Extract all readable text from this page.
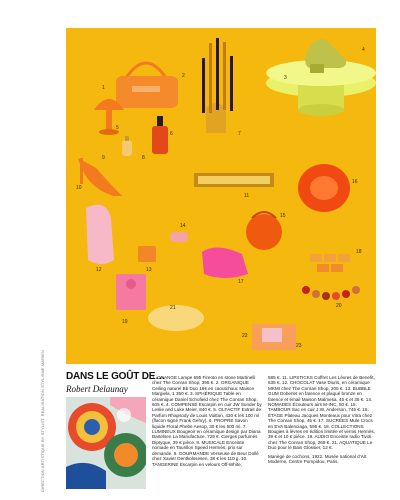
DIRECTION ARTISTIQUE BY STYLIST: REALISATION STYLISME MARIEN
1
2	3
4
5
6	7
8
9
10
11
12	13
14
15
16
17
18
19
20
21
22
23
DANS LE GOÛT DE…
Robert Delaunay

1. ORANGE Lampe 695 Fireoto en stone Martinelli chez The Conran Shop, 395 €. 2. ORGANIQUE Ceiling naturel Bb Duo 16€ en caoutchouc Maison Margiela, 1 350 €. 3. SPHÉRIQUE Table en céramique Daniel Schofield chez The Conran Shop, 605 €. 4. COMPENSÉ Escarpin en cuir JW Sunder by Leslie and Luke Meier, 840 €. 5. OLFACTIF Extrait de Parfum Rhapsody de Louis Vuitton, 430 € les 100 ml (flacon signé Frank Gehry). 6. PROPRE Savon liquide Floral Phebe Aesop, 30 € les 500 ml. 7. LUMINEUX Bougeoir en céramique design par Diana Bartelsen La Manufacture, 729 €. Cierges parfumés Diptyque, 39 € pièce. 8. MUSICALE Enceinte nomade en Taurillon Speed Hermès, prix sur demande. 9. GOURMANDE Verseuse de Beur Dollé chez Xavier Dentkolssesen, 38 € les 110 g. 10. TANGERINE Escarpin en velours Off-White,

585 €. 11. LIPSTICKS Coffret Les Lèvres de Benefit, 635 €. 12. CHOCOLAT Vase Diuris, en céramique MKMI chez The Conran Shop, 205 €. 13. BUBBLE GUM Doberlet en faïence et plaqué bronze en faïence et émail Maison Malmesa, 45 € et 35 €. 14. NOMADES Écouteurs airs M-INC, 50 €. 15. TAMBOUR Sac en cuir J.W. Anderson, 745 €. 16. ÉTAGE Plateau Jacques Monteaux pour Vitra chez The Conran Shop, 45 €. 17. SUCRÉES Mule Crocs en EVA Balenciaga, 595 €. 18. COLLECTIONS Bougies à lèvres en édition limitée et vernis Hermès, 39 € et 10 € pièce. 19. AUDIO Enceinte radio Tivoli chez The Conran Shop, 269 €. 21. AQUATIQUE Le Duo pour le Bain Glossier, 12 €.

Manège de cochons, 1922. Musée national d’Art Moderne, Centre Pompidou, Paris.
